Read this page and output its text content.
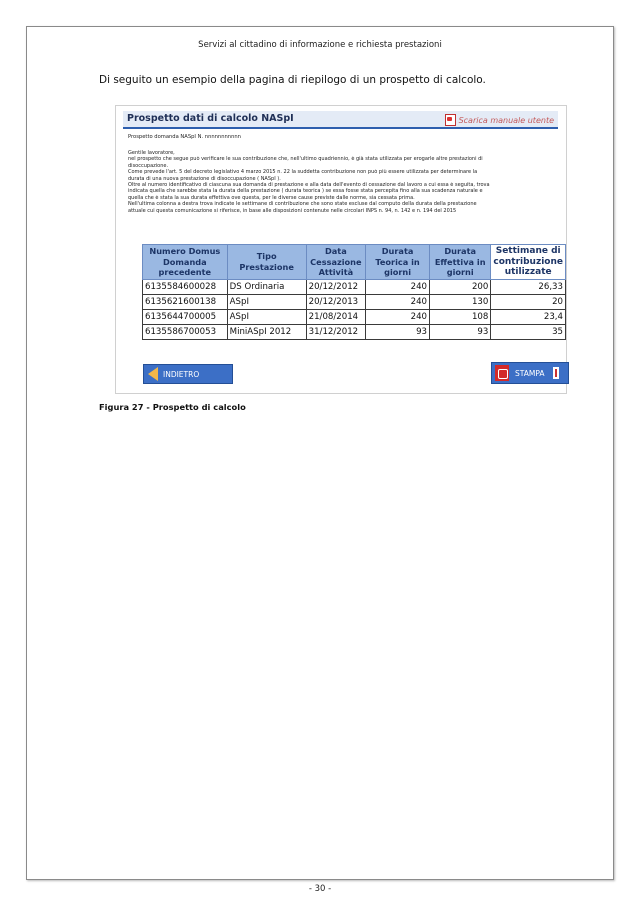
Servizi al cittadino di informazione e richiesta prestazioni
Di seguito un esempio della pagina di riepilogo di un prospetto di calcolo.
Prospetto dati di calcolo NASpI	Scarica manuale utente
Prospetto domanda NASpI N. nnnnnnnnnnn
Gentile lavoratore,
nel prospetto che segue può verificare le sua contribuzione che, nell'ultimo quadriennio, è già stata utilizzata per erogarle altre prestazioni di
disoccupazione.
Come prevede l'art. 5 del decreto legislativo 4 marzo 2015 n. 22 la suddetta contribuzione non può più essere utilizzata per determinare la
durata di una nuova prestazione di disoccupazione ( NASpI ).
Oltre al numero identificativo di ciascuna sua domanda di prestazione e alla data dell'evento di cessazione dal lavoro a cui essa è seguita, trova
indicata quella che sarebbe stata la durata della prestazione ( durata teorica ) se essa fosse stata percepita fino alla sua scadenza naturale e
quella che è stata la sua durata effettiva ove questa, per le diverse cause previste dalle norme, sia cessata prima.
Nell'ultima colonna a destra trova indicate le settimane di contribuzione che sono state escluse dal computo della durata della prestazione
attuale cui questa comunicazione si riferisce, in base alle disposizioni contenute nelle circolari INPS n. 94, n. 142 e n. 194 del 2015
Numero Domus Domanda precedente	Tipo Prestazione	Data Cessazione Attività	Durata Teorica in giorni	Durata Effettiva in giorni	Settimane di contribuzione utilizzate
6135584600028	DS Ordinaria	20/12/2012	240	200	26,33
6135621600138	ASpI	20/12/2013	240	130	20
6135644700005	ASpI	21/08/2014	240	108	23,4
6135586700053	MiniASpI 2012	31/12/2012	93	93	35
INDIETRO	STAMPA
Figura 27 - Prospetto di calcolo
- 30 -
